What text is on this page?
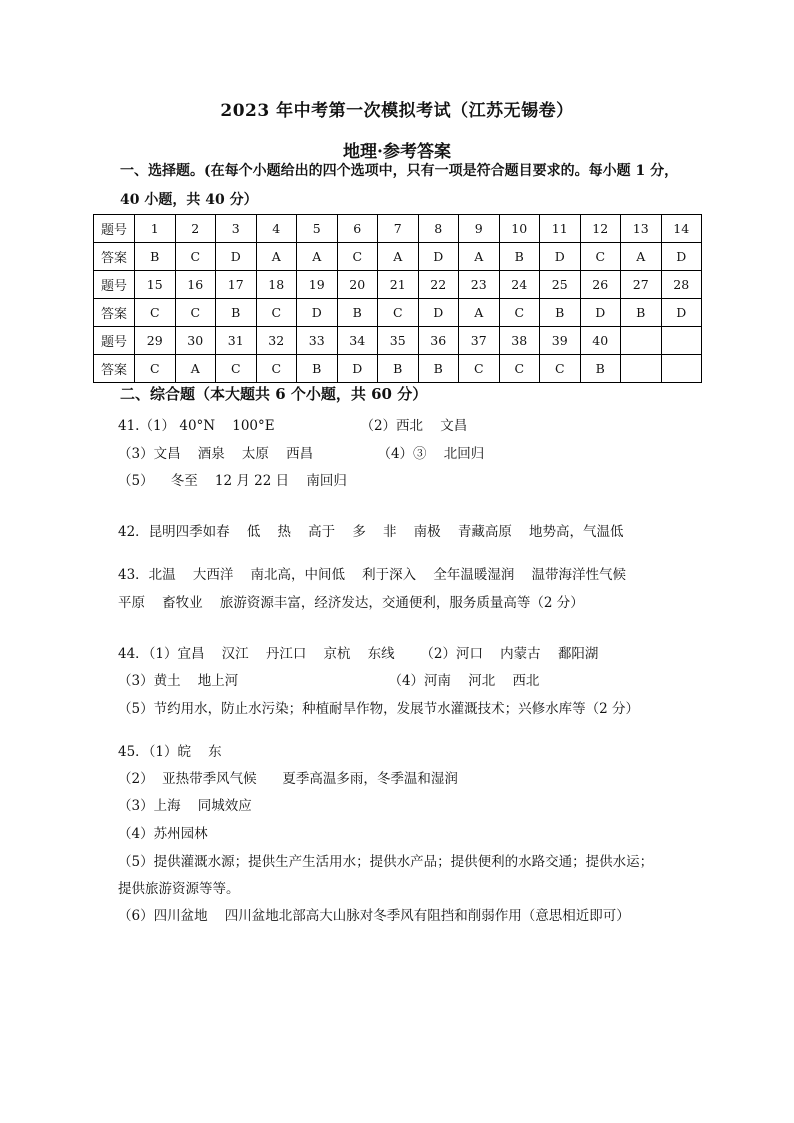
2023 年中考第一次模拟考试（江苏无锡卷）
地理·参考答案
一、选择题。(在每个小题给出的四个选项中，只有一项是符合题目要求的。每小题 1 分，
40 小题，共 40 分）
题号	1	2	3	4	5	6	7	8	9	10	11	12	13	14
答案	B	C	D	A	A	C	A	D	A	B	D	C	A	D
题号	15	16	17	18	19	20	21	22	23	24	25	26	27	28
答案	C	C	B	C	D	B	C	D	A	C	B	D	B	D
题号	29	30	31	32	33	34	35	36	37	38	39	40		
答案	C	A	C	C	B	D	B	B	C	C	C	B		
二、综合题（本大题共 6 个小题，共 60 分）
41.（1） 40°N    100°E                    （2）西北    文昌
（3）文昌    酒泉    太原    西昌               （4）③    北回归
（5）    冬至    12 月 22 日    南回归
42．昆明四季如春    低    热    高于    多    非    南极    青藏高原    地势高，气温低
43．北温    大西洋    南北高，中间低    利于深入    全年温暖湿润    温带海洋性气候
平原    畜牧业    旅游资源丰富，经济发达，交通便利，服务质量高等（2 分）
44．（1）宜昌    汉江    丹江口    京杭    东线      （2）河口    内蒙古    鄱阳湖
（3）黄土    地上河                                   （4）河南    河北    西北
（5）节约用水，防止水污染；种植耐旱作物，发展节水灌溉技术；兴修水库等（2 分）
45．（1）皖    东
（2）  亚热带季风气候      夏季高温多雨，冬季温和湿润
（3）上海    同城效应
（4）苏州园林
（5）提供灌溉水源；提供生产生活用水；提供水产品；提供便利的水路交通；提供水运；
提供旅游资源等等。
（6）四川盆地    四川盆地北部高大山脉对冬季风有阻挡和削弱作用（意思相近即可）
